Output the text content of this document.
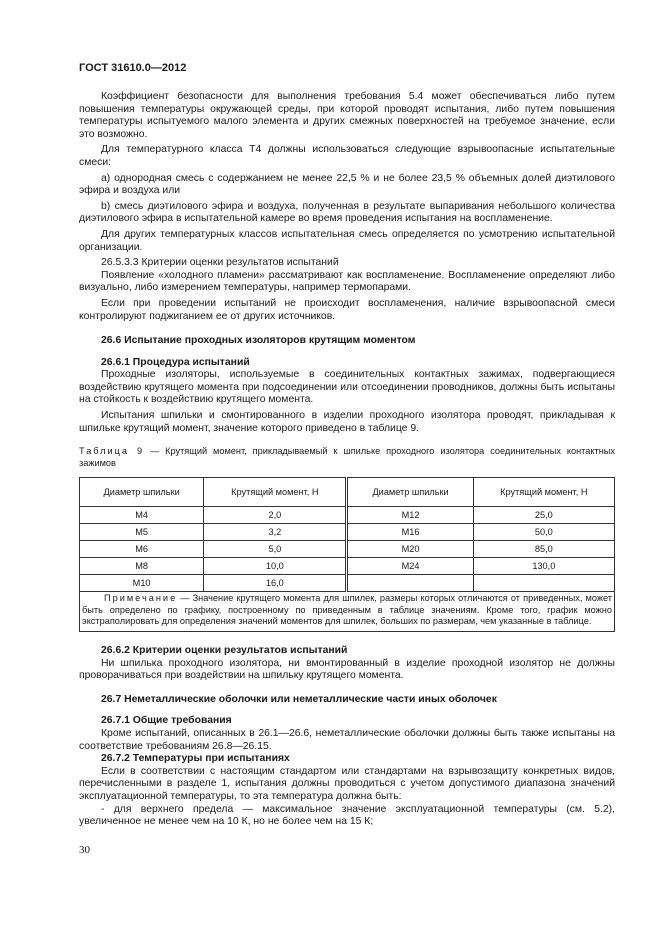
ГОСТ 31610.0—2012

Коэффициент безопасности для выполнения требования 5.4 может обеспечиваться либо путем повышения температуры окружающей среды, при которой проводят испытания, либо путем повышения температуры испытуемого малого элемента и других смежных поверхностей на требуемое значение, если это возможно.

Для температурного класса Т4 должны использоваться следующие взрывоопасные испытательные смеси:

а) однородная смесь с содержанием не менее 22,5 % и не более 23,5 % объемных долей диэтилового эфира и воздуха или

b) смесь диэтилового эфира и воздуха, полученная в результате выпаривания небольшого количества диэтилового эфира в испытательной камере во время проведения испытания на воспламенение.

Для других температурных классов испытательная смесь определяется по усмотрению испытательной организации.

26.5.3.3 Критерии оценки результатов испытаний

Появление «холодного пламени» рассматривают как воспламенение. Воспламенение определяют либо визуально, либо измерением температуры, например термопарами.

Если при проведении испытаний не происходит воспламенения, наличие взрывоопасной смеси контролируют поджиганием ее от других источников.

26.6 Испытание проходных изоляторов крутящим моментом
26.6.1 Процедура испытаний

Проходные изоляторы, используемые в соединительных контактных зажимах, подвергающиеся воздействию крутящего момента при подсоединении или отсоединении проводников, должны быть испытаны на стойкость к воздействию крутящего момента.

Испытания шпильки и смонтированного в изделии проходного изолятора проводят, прикладывая к шпильке крутящий момент, значение которого приведено в таблице 9.

Таблица 9 — Крутящий момент, прикладываемый к шпильке проходного изолятора соединительных контактных зажимов

Диаметр шпильки	Крутящий момент, Н	Диаметр шпильки	Крутящий момент, Н
М4	2,0	М12	25,0
М5	3,2	М16	50,0
М6	5,0	М20	85,0
М8	10,0	М24	130,0
М10	16,0		
Примечание — Значение крутящего момента для шпилек, размеры которых отличаются от приведенных, может быть определено по графику, построенному по приведенным в таблице значениям. Кроме того, график можно экстраполировать для определения значений моментов для шпилек, больших по размерам, чем указанные в таблице.			
26.6.2 Критерии оценки результатов испытаний

Ни шпилька проходного изолятора, ни вмонтированный в изделие проходной изолятор не должны проворачиваться при воздействии на шпильку крутящего момента.

26.7 Неметаллические оболочки или неметаллические части иных оболочек
26.7.1 Общие требования

Кроме испытаний, описанных в 26.1—26.6, неметаллические оболочки должны быть также испытаны на соответствие требованиям 26.8—26.15.

26.7.2 Температуры при испытаниях

Если в соответствии с настоящим стандартом или стандартами на взрывозащиту конкретных видов, перечисленными в разделе 1, испытания должны проводиться с учетом допустимого диапазона значений эксплуатационной температуры, то эта температура должна быть:

- для верхнего предела — максимальное значение эксплуатационной температуры (см. 5.2), увеличенное не менее чем на 10 К, но не более чем на 15 К;

30
